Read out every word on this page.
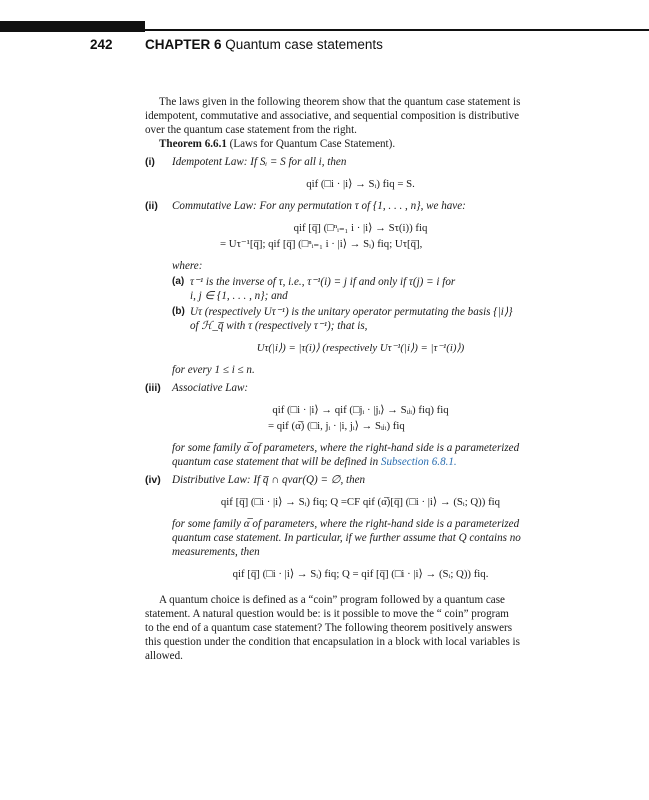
242 CHAPTER 6 Quantum case statements

The laws given in the following theorem show that the quantum case statement is
idempotent, commutative and associative, and sequential composition is distributive
over the quantum case statement from the right.

Theorem 6.6.1 (Laws for Quantum Case Statement).

(i) Idempotent Law: If Sᵢ = S for all i, then
qif (□i · |i⟩ → Sᵢ) fiq = S.
(ii) Commutative Law: For any permutation τ of {1, . . . , n}, we have:
qif [q̅] (□ⁿᵢ₌₁ i · |i⟩ → Sτ(i)) fiq
= Uτ⁻¹[q̅]; qif [q̅] (□ⁿᵢ₌₁ i · |i⟩ → Sᵢ) fiq; Uτ[q̅],
where:
(a) τ⁻¹ is the inverse of τ, i.e., τ⁻¹(i) = j if and only if τ(j) = i for
i, j ∈ {1, . . . , n}; and
(b) Uτ (respectively Uτ⁻¹) is the unitary operator permutating the basis {|i⟩}
of ℋ_q̅ with τ (respectively τ⁻¹); that is,
Uτ(|i⟩) = |τ(i)⟩ (respectively Uτ⁻¹(|i⟩) = |τ⁻¹(i)⟩)
for every 1 ≤ i ≤ n.
(iii) Associative Law:
qif (□i · |i⟩ → qif (□jᵢ · |jᵢ⟩ → Sᵢⱼᵢ) fiq) fiq
= qif (α̅) (□i, jᵢ · |i, jᵢ⟩ → Sᵢⱼᵢ) fiq
for some family α̅ of parameters, where the right-hand side is a parameterized
quantum case statement that will be defined in Subsection 6.8.1.
(iv) Distributive Law: If q̅ ∩ qvar(Q) = ∅, then
qif [q̅] (□i · |i⟩ → Sᵢ) fiq; Q =CF qif (α̅)[q̅] (□i · |i⟩ → (Sᵢ; Q)) fiq
for some family α̅ of parameters, where the right-hand side is a parameterized
quantum case statement. In particular, if we further assume that Q contains no
measurements, then
qif [q̅] (□i · |i⟩ → Sᵢ) fiq; Q = qif [q̅] (□i · |i⟩ → (Sᵢ; Q)) fiq.

A quantum choice is defined as a “coin” program followed by a quantum case
statement. A natural question would be: is it possible to move the “ coin” program
to the end of a quantum case statement? The following theorem positively answers
this question under the condition that encapsulation in a block with local variables is
allowed.
